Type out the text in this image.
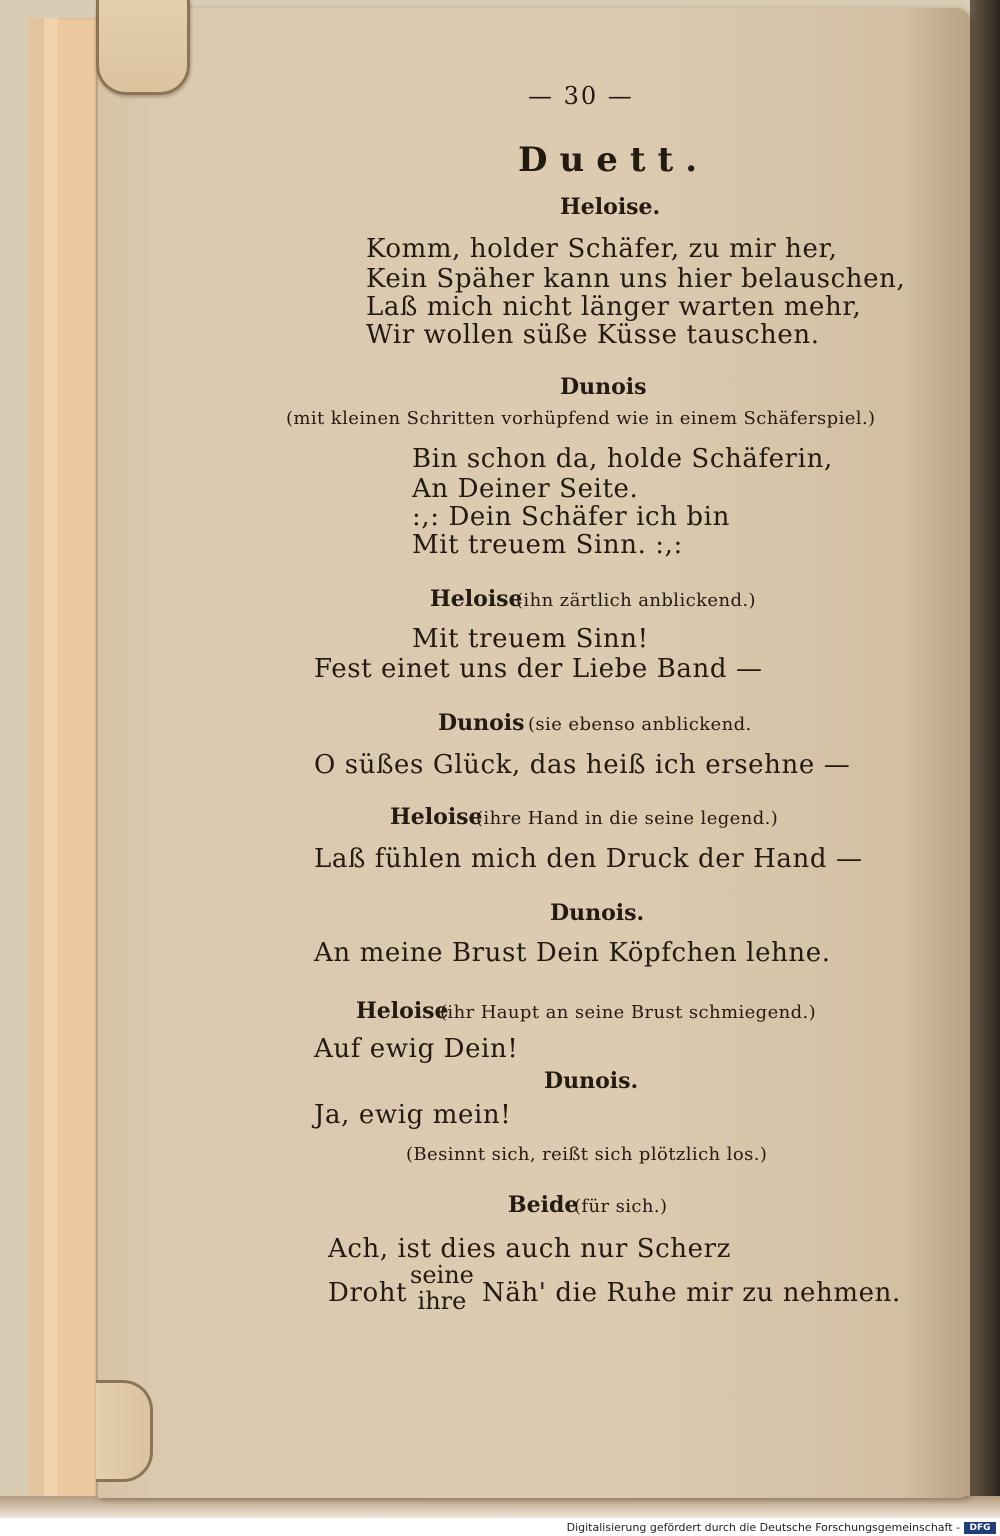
— 30 —
Duett.
Heloise.
Komm, holder Schäfer, zu mir her,
Kein Späher kann uns hier belauschen,
Laß mich nicht länger warten mehr,
Wir wollen süße Küsse tauschen.
Dunois
(mit kleinen Schritten vorhüpfend wie in einem Schäferspiel.)
Bin schon da, holde Schäferin,
An Deiner Seite.
:,: Dein Schäfer ich bin
Mit treuem Sinn. :,:
Heloise
(ihn zärtlich anblickend.)
Mit treuem Sinn!
Fest einet uns der Liebe Band —
Dunois (sie ebenso anblickend.
O süßes Glück, das heiß ich ersehne —
Heloise
(ihre Hand in die seine legend.)
Laß fühlen mich den Druck der Hand —
Dunois.
An meine Brust Dein Köpfchen lehne.
Heloise
(ihr Haupt an seine Brust schmiegend.)
Auf ewig Dein!
Dunois.
Ja, ewig mein!
(Besinnt sich, reißt sich plötzlich los.)
Beide
(für sich.)
Ach, ist dies auch nur Scherz
Droht
seine
ihre Näh' die Ruhe mir zu nehmen.
Digitalisierung gefördert durch die Deutsche Forschungsgemeinschaft -	DFG
